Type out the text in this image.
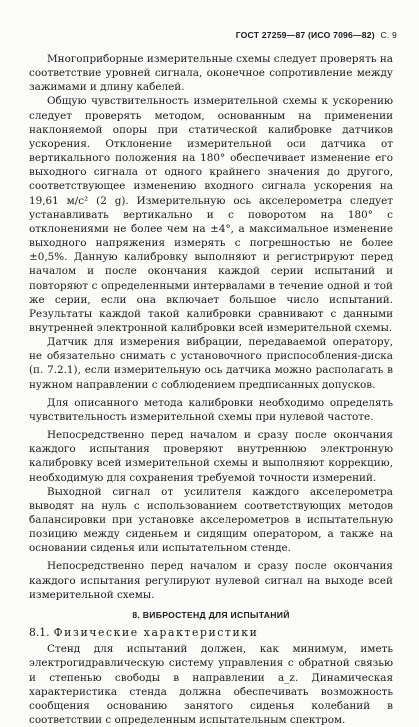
ГОСТ 27259—87 (ИСО 7096—82) С. 9

Многоприборные измерительные схемы следует проверять на соответствие уровней сигнала, оконечное сопротивление между зажимами и длину кабелей.

Общую чувствительность измерительной схемы к ускорению следует проверять методом, основанным на применении наклоняемой опоры при статической калибровке датчиков ускорения. Отклонение измерительной оси датчика от вертикального положения на 180° обеспечивает изменение его выходного сигнала от одного крайнего значения до другого, соответствующее изменению входного сигнала ускорения на 19,61 м/с² (2 g). Измерительную ось акселерометра следует устанавливать вертикально и с поворотом на 180° с отклонениями не более чем на ±4°, а максимальное изменение выходного напряжения измерять с погрешностью не более ±0,5%. Данную калибровку выполняют и регистрируют перед началом и после окончания каждой серии испытаний и повторяют с определенными интервалами в течение одной и той же серии, если она включает большое число испытаний. Результаты каждой такой калибровки сравнивают с данными внутренней электронной калибровки всей измерительной схемы.

Датчик для измерения вибрации, передаваемой оператору, не обязательно снимать с установочного приспособления-диска (п. 7.2.1), если измерительную ось датчика можно располагать в нужном направлении с соблюдением предписанных допусков.

Для описанного метода калибровки необходимо определять чувствительность измерительной схемы при нулевой частоте.

Непосредственно перед началом и сразу после окончания каждого испытания проверяют внутреннюю электронную калибровку всей измерительной схемы и выполняют коррекцию, необходимую для сохранения требуемой точности измерений.

Выходной сигнал от усилителя каждого акселерометра выводят на нуль с использованием соответствующих методов балансировки при установке акселерометров в испытательную позицию между сиденьем и сидящим оператором, а также на основании сиденья или испытательном стенде.

Непосредственно перед началом и сразу после окончания каждого испытания регулируют нулевой сигнал на выходе всей измерительной схемы.

8. ВИБРОСТЕНД ДЛЯ ИСПЫТАНИЙ

8.1. Физические характеристики

Стенд для испытаний должен, как минимум, иметь электрогидравлическую систему управления с обратной связью и степенью свободы в направлении a_z. Динамическая характеристика стенда должна обеспечивать возможность сообщения основанию занятого сиденья колебаний в соответствии с определенным испытательным спектром.
